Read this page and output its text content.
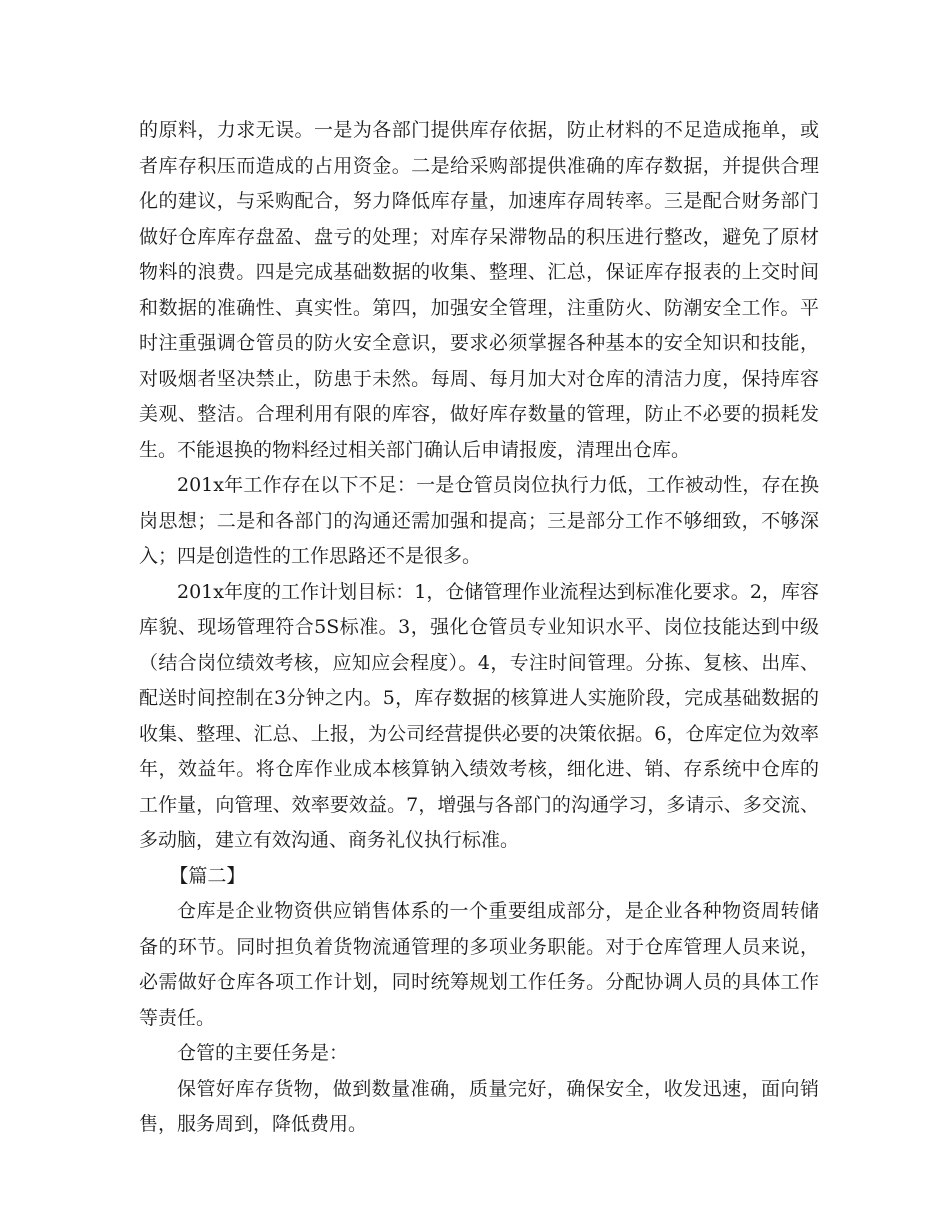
的原料，力求无误。一是为各部门提供库存依据，防止材料的不足造成拖单，或者库存积压而造成的占用资金。二是给采购部提供准确的库存数据，并提供合理化的建议，与采购配合，努力降低库存量，加速库存周转率。三是配合财务部门做好仓库库存盘盈、盘亏的处理；对库存呆滞物品的积压进行整改，避免了原材物料的浪费。四是完成基础数据的收集、整理、汇总，保证库存报表的上交时间和数据的准确性、真实性。第四，加强安全管理，注重防火、防潮安全工作。平时注重强调仓管员的防火安全意识，要求必须掌握各种基本的安全知识和技能，对吸烟者坚决禁止，防患于未然。每周、每月加大对仓库的清洁力度，保持库容美观、整洁。合理利用有限的库容，做好库存数量的管理，防止不必要的损耗发生。不能退换的物料经过相关部门确认后申请报废，清理出仓库。

201x年工作存在以下不足：一是仓管员岗位执行力低，工作被动性，存在换岗思想；二是和各部门的沟通还需加强和提高；三是部分工作不够细致，不够深入；四是创造性的工作思路还不是很多。

201x年度的工作计划目标：1，仓储管理作业流程达到标准化要求。2，库容库貌、现场管理符合5S标准。3，强化仓管员专业知识水平、岗位技能达到中级（结合岗位绩效考核，应知应会程度）。4，专注时间管理。分拣、复核、出库、配送时间控制在3分钟之内。5，库存数据的核算进人实施阶段，完成基础数据的收集、整理、汇总、上报，为公司经营提供必要的决策依据。6，仓库定位为效率年，效益年。将仓库作业成本核算钠入绩效考核，细化进、销、存系统中仓库的工作量，向管理、效率要效益。7，增强与各部门的沟通学习，多请示、多交流、多动脑，建立有效沟通、商务礼仪执行标准。

【篇二】

仓库是企业物资供应销售体系的一个重要组成部分，是企业各种物资周转储备的环节。同时担负着货物流通管理的多项业务职能。对于仓库管理人员来说，必需做好仓库各项工作计划，同时统筹规划工作任务。分配协调人员的具体工作等责任。

仓管的主要任务是：

保管好库存货物，做到数量准确，质量完好，确保安全，收发迅速，面向销售，服务周到，降低费用。
